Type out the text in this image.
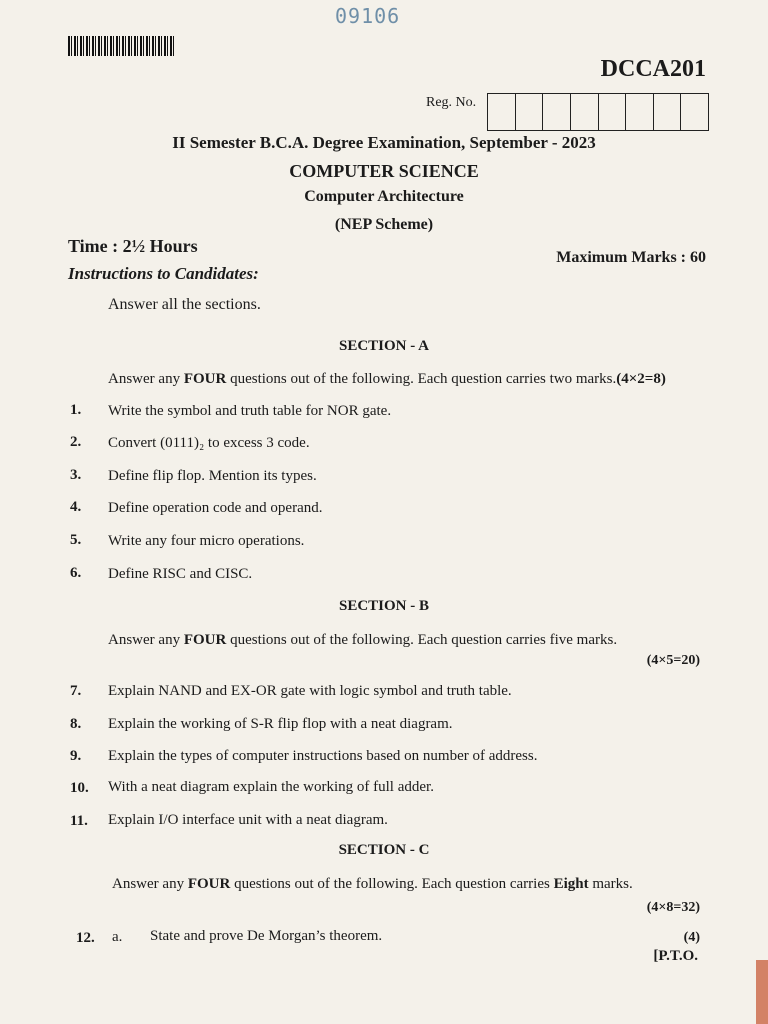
09106
DCCA201
Reg. No.
II Semester B.C.A. Degree Examination, September - 2023
COMPUTER SCIENCE
Computer Architecture
(NEP Scheme)
Time : 2½ Hours
Maximum Marks : 60
Instructions to Candidates:
Answer all the sections.
SECTION - A
Answer any FOUR questions out of the following. Each question carries two marks.(4×2=8)
1. Write the symbol and truth table for NOR gate.
2. Convert (0111)₂ to excess 3 code.
3. Define flip flop. Mention its types.
4. Define operation code and operand.
5. Write any four micro operations.
6. Define RISC and CISC.
SECTION - B
Answer any FOUR questions out of the following. Each question carries five marks.
(4×5=20)
7. Explain NAND and EX-OR gate with logic symbol and truth table.
8. Explain the working of S-R flip flop with a neat diagram.
9. Explain the types of computer instructions based on number of address.
10. With a neat diagram explain the working of full adder.
11. Explain I/O interface unit with a neat diagram.
SECTION - C
Answer any FOUR questions out of the following. Each question carries Eight marks.
(4×8=32)
12. a. State and prove De Morgan’s theorem.	(4)
[P.T.O.
